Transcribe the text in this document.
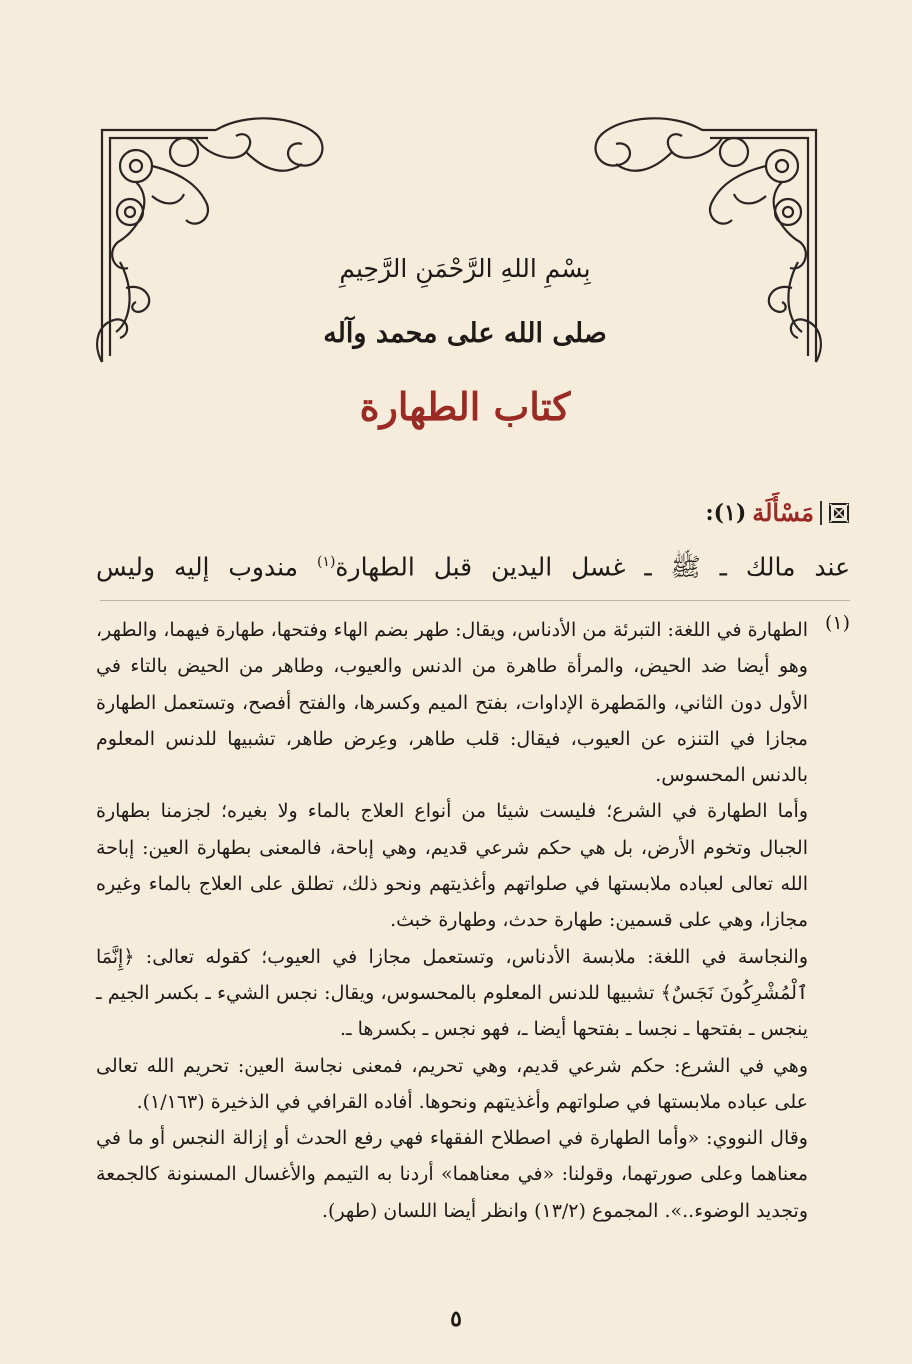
بِسْمِ اللهِ الرَّحْمَنِ الرَّحِيمِ
صلى الله على محمد وآله
كتاب الطهارة
مَسْأَلَة
(١):
عند مالك ـ ﷺ ـ غسل اليدين قبل الطهارة$^{(١)}$ مندوب إليه وليس
(١)

الطهارة في اللغة: التبرئة من الأدناس، ويقال: طهر بضم الهاء وفتحها، طهارة فيهما، والطهر، وهو أيضا ضد الحيض، والمرأة طاهرة من الدنس والعيوب، وطاهر من الحيض بالتاء في الأول دون الثاني، والمَطهرة الإداوات، بفتح الميم وكسرها، والفتح أفصح، وتستعمل الطهارة مجازا في التنزه عن العيوب، فيقال: قلب طاهر، وعِرض طاهر، تشبيها للدنس المعلوم بالدنس المحسوس.

وأما الطهارة في الشرع؛ فليست شيئا من أنواع العلاج بالماء ولا بغيره؛ لجزمنا بطهارة الجبال وتخوم الأرض، بل هي حكم شرعي قديم، وهي إباحة، فالمعنى بطهارة العين: إباحة الله تعالى لعباده ملابستها في صلواتهم وأغذيتهم ونحو ذلك، تطلق على العلاج بالماء وغيره مجازا، وهي على قسمين: طهارة حدث، وطهارة خبث.

والنجاسة في اللغة: ملابسة الأدناس، وتستعمل مجازا في العيوب؛ كقوله تعالى: ﴿إِنَّمَا ٱلْمُشْرِكُونَ نَجَسٌ﴾ تشبيها للدنس المعلوم بالمحسوس، ويقال: نجس الشيء ـ بكسر الجيم ـ ينجس ـ بفتحها ـ نجسا ـ بفتحها أيضا ـ، فهو نجس ـ بكسرها ـ.

وهي في الشرع: حكم شرعي قديم، وهي تحريم، فمعنى نجاسة العين: تحريم الله تعالى على عباده ملابستها في صلواتهم وأغذيتهم ونحوها. أفاده القرافي في الذخيرة (١/١٦٣).

وقال النووي: «وأما الطهارة في اصطلاح الفقهاء فهي رفع الحدث أو إزالة النجس أو ما في معناهما وعلى صورتهما، وقولنا: «في معناهما» أردنا به التيمم والأغسال المسنونة كالجمعة وتجديد الوضوء..». المجموع (١٣/٢) وانظر أيضا اللسان (طهر).

٥
